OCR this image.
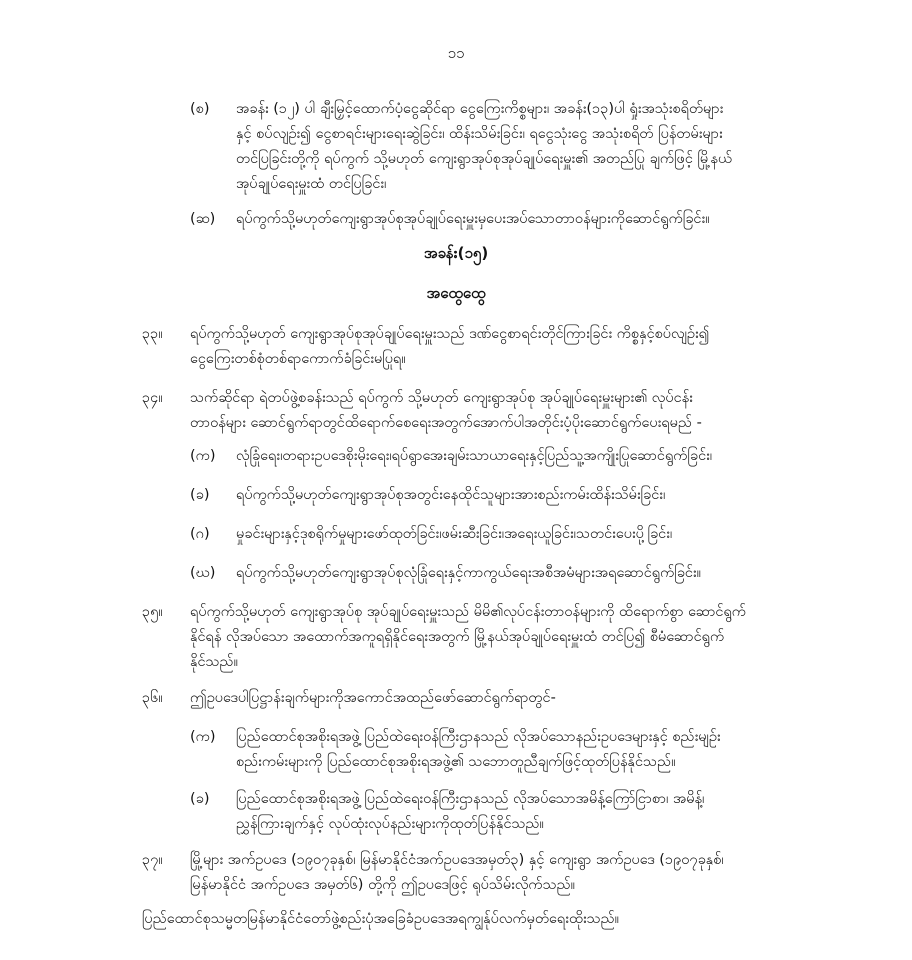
၁၁
(စ) အခန်း (၁၂) ပါ ချီးမြှင့်ထောက်ပံ့ငွေဆိုင်ရာ ငွေကြေးကိစ္စများ၊ အခန်း(၁၃)ပါ ရှုံးအသုံးစရိတ်များ
နှင့် စပ်လျဉ်း၍ ငွေစာရင်းများရေးဆွဲခြင်း၊ ထိန်းသိမ်းခြင်း၊ ရငွေသုံးငွေ အသုံးစရိတ် ပြန်တမ်းများ
တင်ပြခြင်းတို့ကို ရပ်ကွက် သို့မဟုတ် ကျေးရွာအုပ်စုအုပ်ချုပ်ရေးမှူး၏ အတည်ပြု ချက်ဖြင့် မြို့နယ်
အုပ်ချုပ်ရေးမှူးထံ တင်ပြခြင်း၊
(ဆ) ရပ်ကွက်သို့မဟုတ်ကျေးရွာအုပ်စုအုပ်ချုပ်ရေးမှူးမှပေးအပ်သောတာဝန်များကိုဆောင်ရွက်ခြင်း။
အခန်း(၁၅)
အထွေထွေ
၃၃။ ရပ်ကွက်သို့မဟုတ် ကျေးရွာအုပ်စုအုပ်ချုပ်ရေးမှူးသည် ဒဏ်ငွေစာရင်းတိုင်ကြားခြင်း ကိစ္စနှင့်စပ်လျဉ်း၍
ငွေကြေးတစ်စုံတစ်ရာကောက်ခံခြင်းမပြုရ။
၃၄။ သက်ဆိုင်ရာ ရဲတပ်ဖွဲ့စခန်းသည် ရပ်ကွက် သို့မဟုတ် ကျေးရွာအုပ်စု အုပ်ချုပ်ရေးမှူးများ၏ လုပ်ငန်း
တာဝန်များ ဆောင်ရွက်ရာတွင်ထိရောက်စေရေးအတွက်အောက်ပါအတိုင်းပံ့ပိုးဆောင်ရွက်ပေးရမည် -
(က) လုံခြုံရေး၊တရားဥပဒေစိုးမိုးရေး၊ရပ်ရွာအေးချမ်းသာယာရေးနှင့်ပြည်သူ့အကျိုးပြုဆောင်ရွက်ခြင်း၊
(ခ) ရပ်ကွက်သို့မဟုတ်ကျေးရွာအုပ်စုအတွင်းနေထိုင်သူများအားစည်းကမ်းထိန်းသိမ်းခြင်း၊
(ဂ) မှုခင်းများနှင့်ဒုစရိုက်မှုများဖော်ထုတ်ခြင်း၊ဖမ်းဆီးခြင်း၊အရေးယူခြင်း၊သတင်းပေးပို့ခြင်း၊
(ဃ) ရပ်ကွက်သို့မဟုတ်ကျေးရွာအုပ်စုလုံခြုံရေးနှင့်ကာကွယ်ရေးအစီအမံများအရဆောင်ရွက်ခြင်း။
၃၅။ ရပ်ကွက်သို့မဟုတ် ကျေးရွာအုပ်စု အုပ်ချုပ်ရေးမှူးသည် မိမိ၏လုပ်ငန်းတာဝန်များကို ထိရောက်စွာ ဆောင်ရွက်
နိုင်ရန် လိုအပ်သော အထောက်အကူရရှိနိုင်ရေးအတွက် မြို့နယ်အုပ်ချုပ်ရေးမှူးထံ တင်ပြ၍ စီမံဆောင်ရွက်
နိုင်သည်။
၃၆။ ဤဥပဒေပါပြဋ္ဌာန်းချက်များကိုအကောင်အထည်ဖော်ဆောင်ရွက်ရာတွင်-
(က) ပြည်ထောင်စုအစိုးရအဖွဲ့ ပြည်ထဲရေးဝန်ကြီးဌာနသည် လိုအပ်သောနည်းဥပဒေများနှင့် စည်းမျဉ်း
စည်းကမ်းများကို ပြည်ထောင်စုအစိုးရအဖွဲ့၏ သဘောတူညီချက်ဖြင့်ထုတ်ပြန်နိုင်သည်။
(ခ) ပြည်ထောင်စုအစိုးရအဖွဲ့ ပြည်ထဲရေးဝန်ကြီးဌာနသည် လိုအပ်သောအမိန့်ကြော်ငြာစာ၊ အမိန့်၊
ညွှန်ကြားချက်နှင့် လုပ်ထုံးလုပ်နည်းများကိုထုတ်ပြန်နိုင်သည်။
၃၇။ မြို့များ အက်ဥပဒေ (၁၉၀၇ခုနှစ်၊ မြန်မာနိုင်ငံအက်ဥပဒေအမှတ်၃) နှင့် ကျေးရွာ အက်ဥပဒေ (၁၉၀၇ခုနှစ်၊
မြန်မာနိုင်ငံ အက်ဥပဒေ အမှတ်၆) တို့ကို ဤဥပဒေဖြင့် ရုပ်သိမ်းလိုက်သည်။
ပြည်ထောင်စုသမ္မတမြန်မာနိုင်ငံတော်ဖွဲ့စည်းပုံအခြေခံဥပဒေအရကျွန်ုပ်လက်မှတ်ရေးထိုးသည်။
